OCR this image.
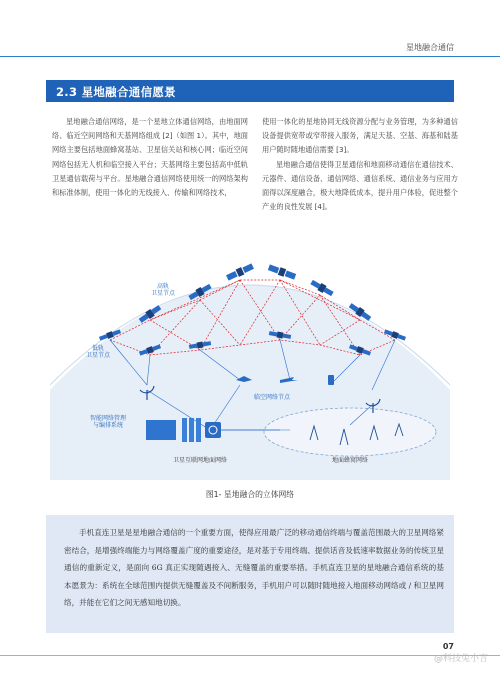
星地融合通信
2.3 星地融合通信愿景

星地融合通信网络，是一个星地立体通信网络，由地面网络、临近空间网络和天基网络组成 [2]（如图 1）。其中，地面网络主要包括地面蜂窝基站、卫星信关站和核心网；临近空间网络包括无人机和临空接入平台；天基网络主要包括高中低轨卫星通信载荷与平台。星地融合通信网络使用统一的网络架构和标准体制，使用一体化的无线接入、传输和网络技术，

使用一体化的星地协同无线资源分配与业务管理，为多种通信设备提供宽带或窄带接入服务，满足天基、空基、海基和陆基用户随时随地通信需要 [3]。

星地融合通信使得卫星通信和地面移动通信在通信技术、元器件、通信设备、通信网络、通信系统、通信业务与应用方面得以深度融合，极大地降低成本，提升用户体验，促进整个产业的良性发展 [4]。

高轨卫星节点
低轨卫星节点
临空网络节点
智能网络管理与编排系统
卫星互联网地面网络	地面蜂窝网络
图1- 星地融合的立体网络

手机直连卫星是星地融合通信的一个重要方面，使得应用最广泛的移动通信终端与覆盖范围最大的卫星网络紧密结合，是增强终端能力与网络覆盖广度的重要途径，是对基于专用终端、提供话音及低速率数据业务的传统卫星通信的重新定义，是面向 6G 真正实现随遇接入、无缝覆盖的重要举措。手机直连卫星的星地融合通信系统的基本愿景为：系统在全球范围内提供无缝覆盖及不间断服务，手机用户可以随时随地接入地面移动网络或 / 和卫星网络，并能在它们之间无感知地切换。

07
@科技兔小言
